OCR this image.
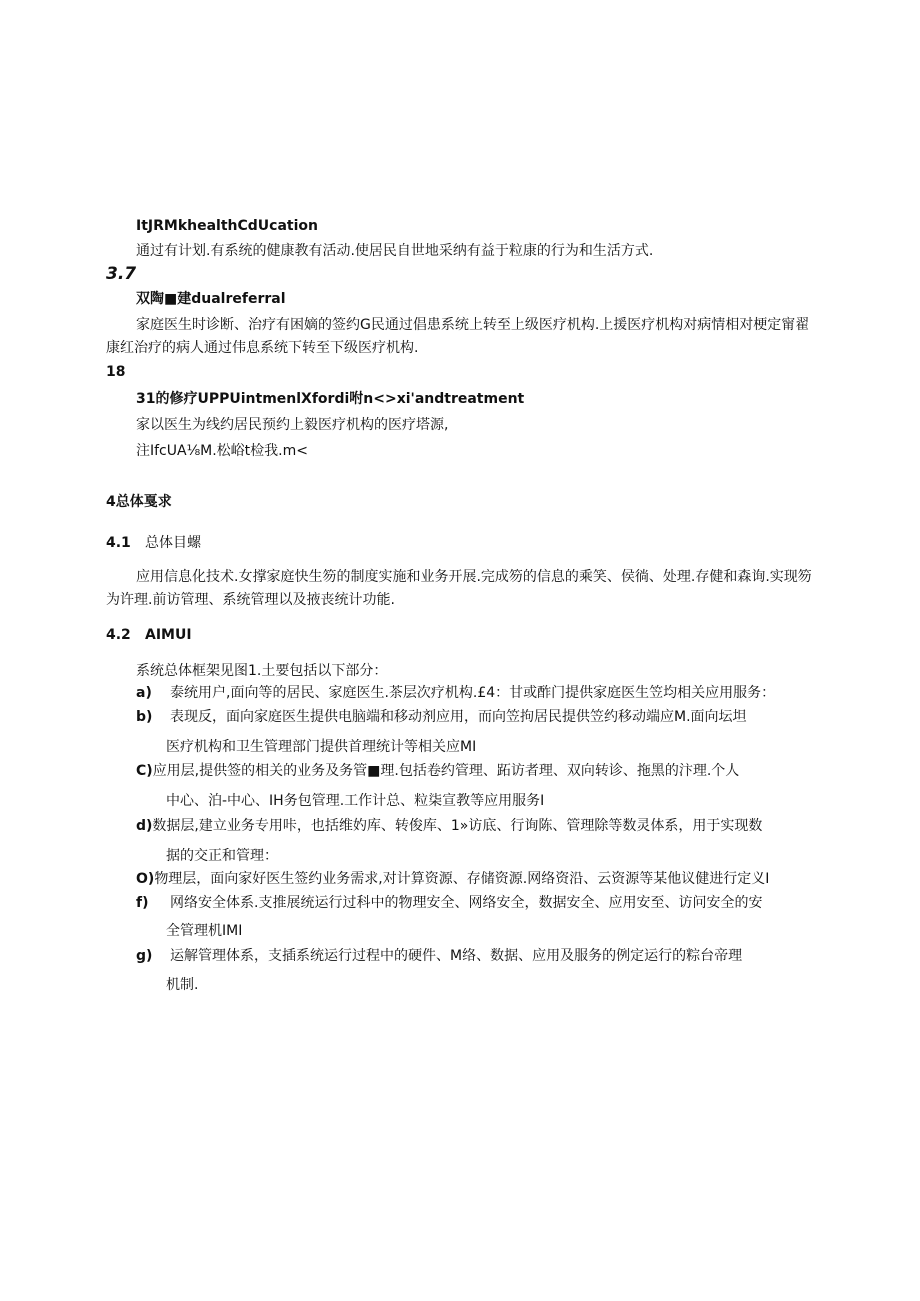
ItJRMkhealthCdUcation

通过有计划.有系统的健康教有活动.使居民自世地采纳有益于粒康的行为和生活方式.

3.7

双陶■建dualreferral

家庭医生时诊断、治疗有困嫡的签约G民通过倡患系统上转至上级医疗机构.上援医疗机构对病情相对梗定甯翟

康红治疗的病人通过伟息系统下转至下级医疗机构.

18

31的修疗UPPUintmenlXfordi咐n<>xi'andtreatment

家以医生为线约居民预约上毅医疗机构的医疗塔源,

注IfcUA⅛M.松峪t检我.m<

4总体戛求

4.1 总体目螺

应用信息化技术.女撑家庭快生笏的制度实施和业务开展.完成笏的信息的乘笑、侯徜、处理.存健和森询.实现笏

为许理.前访管理、系统管理以及掖丧统计功能.

4.2 AIMUI

系统总体框架见图1.土要包括以下部分：

a) 泰统用户,面向等的居民、家庭医生.茶层次疗机构.£4：甘或酢门提供家庭医生笠均相关应用服务：

b) 表现反，面向家庭医生提供电脑端和移动剂应用，而向笠拘居民提供笠约移动端应M.面向坛坦

医疗机构和卫生管理部门提供首理统计等相关应MI

C)应用层,提供签的相关的业务及务管■理.包括卷约管理、跖访者理、双向转诊、拖黑的汴理.个人

中心、泊-中心、IH务包管理.工作计总、粒柒宣教等应用服务I

d)数据层,建立业务专用咔，也括维妁库、转俊库、1»访底、行询陈、管理除等数灵体系，用于实现数

据的交正和管理：

O)物理层，面向家好医生签约业务需求,对计算资源、存储资源.网络资沿、云资源等某他议健进行定义I

f) 网络安全体系.支推展统运行过科中的物理安全、网络安全，数据安全、应用安至、访问安全的安

全管理机IMI

g) 运解管理体系，支插系统运行过程中的硬件、M络、数据、应用及服务的例定运行的粽台帝理

机制.
